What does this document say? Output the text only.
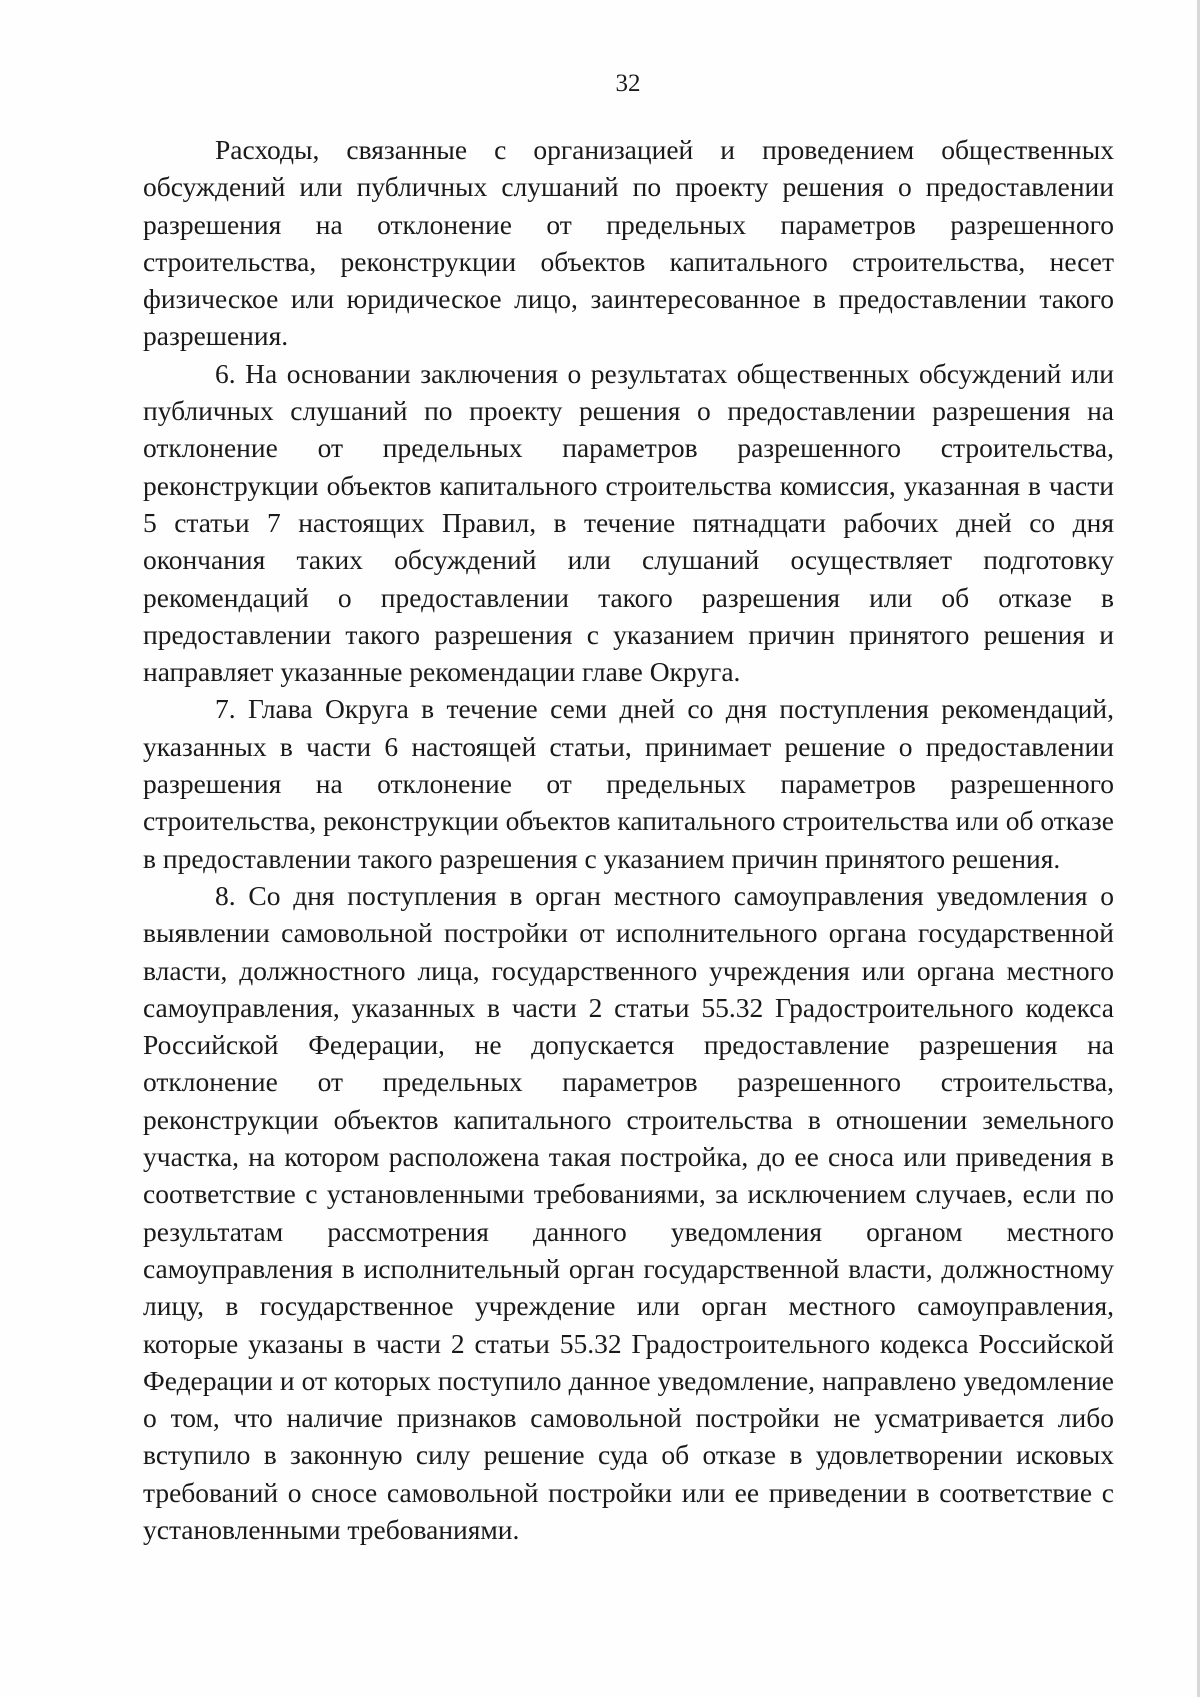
32

Расходы, связанные с организацией и проведением общественных обсуждений или публичных слушаний по проекту решения о предоставлении разрешения на отклонение от предельных параметров разрешенного строительства, реконструкции объектов капитального строительства, несет физическое или юридическое лицо, заинтересованное в предоставлении такого разрешения.

6. На основании заключения о результатах общественных обсуждений или публичных слушаний по проекту решения о предоставлении разрешения на отклонение от предельных параметров разрешенного строительства, реконструкции объектов капитального строительства комиссия, указанная в части 5 статьи 7 настоящих Правил, в течение пятнадцати рабочих дней со дня окончания таких обсуждений или слушаний осуществляет подготовку рекомендаций о предоставлении такого разрешения или об отказе в предоставлении такого разрешения с указанием причин принятого решения и направляет указанные рекомендации главе Округа.

7. Глава Округа в течение семи дней со дня поступления рекомендаций, указанных в части 6 настоящей статьи, принимает решение о предоставлении разрешения на отклонение от предельных параметров разрешенного строительства, реконструкции объектов капитального строительства или об отказе в предоставлении такого разрешения с указанием причин принятого решения.

8. Со дня поступления в орган местного самоуправления уведомления о выявлении самовольной постройки от исполнительного органа государственной власти, должностного лица, государственного учреждения или органа местного самоуправления, указанных в части 2 статьи 55.32 Градостроительного кодекса Российской Федерации, не допускается предоставление разрешения на отклонение от предельных параметров разрешенного строительства, реконструкции объектов капитального строительства в отношении земельного участка, на котором расположена такая постройка, до ее сноса или приведения в соответствие с установленными требованиями, за исключением случаев, если по результатам рассмотрения данного уведомления органом местного самоуправления в исполнительный орган государственной власти, должностному лицу, в государственное учреждение или орган местного самоуправления, которые указаны в части 2 статьи 55.32 Градостроительного кодекса Российской Федерации и от которых поступило данное уведомление, направлено уведомление о том, что наличие признаков самовольной постройки не усматривается либо вступило в законную силу решение суда об отказе в удовлетворении исковых требований о сносе самовольной постройки или ее приведении в соответствие с установленными требованиями.
